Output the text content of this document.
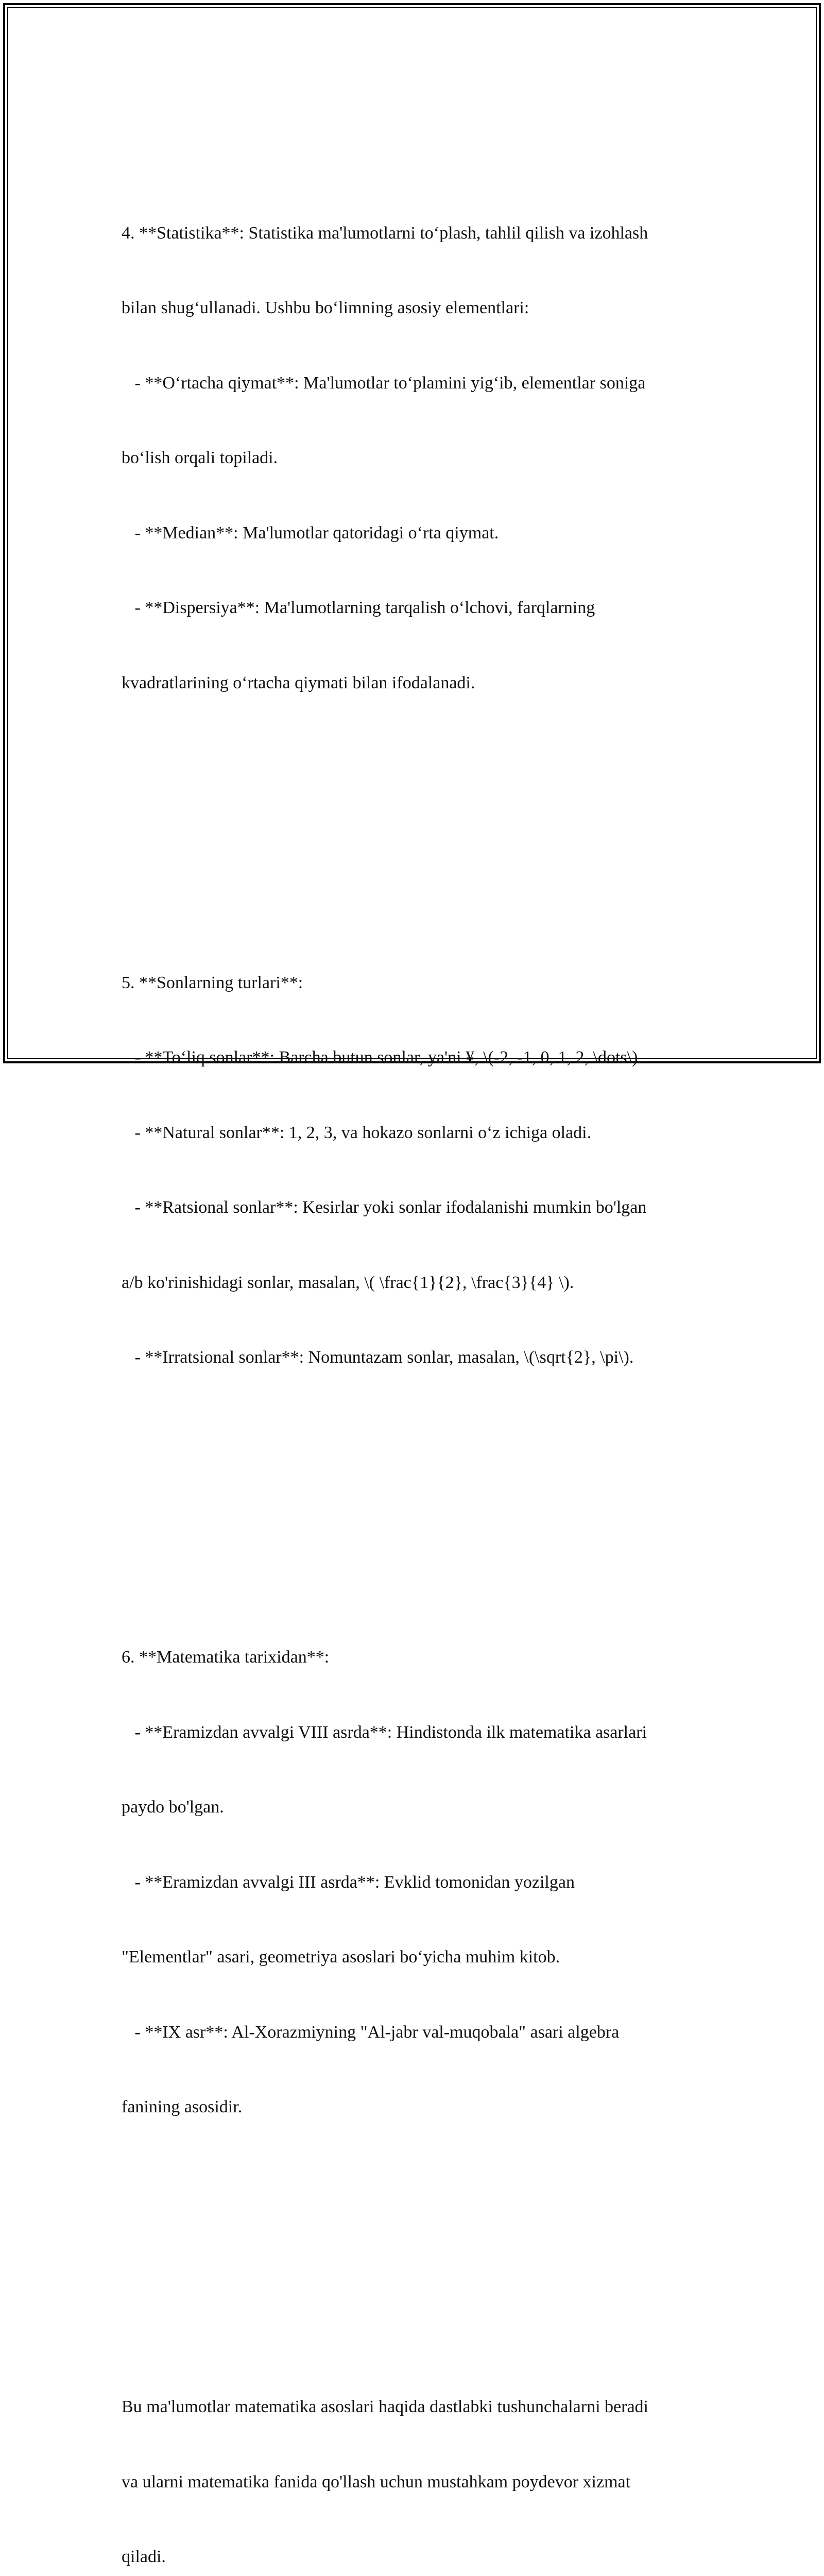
4. **Statistika**: Statistika ma'lumotlarni to‘plash, tahlil qilish va izohlash

bilan shug‘ullanadi. Ushbu bo‘limning asosiy elementlari:

- **O‘rtacha qiymat**: Ma'lumotlar to‘plamini yig‘ib, elementlar soniga

bo‘lish orqali topiladi.

- **Median**: Ma'lumotlar qatoridagi o‘rta qiymat.

- **Dispersiya**: Ma'lumotlarning tarqalish o‘lchovi, farqlarning

kvadratlarining o‘rtacha qiymati bilan ifodalanadi.

5. **Sonlarning turlari**:

- **To‘liq sonlar**: Barcha butun sonlar, ya'ni ¥, \(-2, -1, 0, 1, 2, \dots\).

- **Natural sonlar**: 1, 2, 3, va hokazo sonlarni o‘z ichiga oladi.

- **Ratsional sonlar**: Kesirlar yoki sonlar ifodalanishi mumkin bo'lgan

a/b ko'rinishidagi sonlar, masalan, \( \frac{1}{2}, \frac{3}{4} \).

- **Irratsional sonlar**: Nomuntazam sonlar, masalan, \(\sqrt{2}, \pi\).

6. **Matematika tarixidan**:

- **Eramizdan avvalgi VIII asrda**: Hindistonda ilk matematika asarlari

paydo bo'lgan.

- **Eramizdan avvalgi III asrda**: Evklid tomonidan yozilgan

"Elementlar" asari, geometriya asoslari bo‘yicha muhim kitob.

- **IX asr**: Al-Xorazmiyning "Al-jabr val-muqobala" asari algebra

fanining asosidir.

Bu ma'lumotlar matematika asoslari haqida dastlabki tushunchalarni beradi

va ularni matematika fanida qo'llash uchun mustahkam poydevor xizmat

qiladi.
